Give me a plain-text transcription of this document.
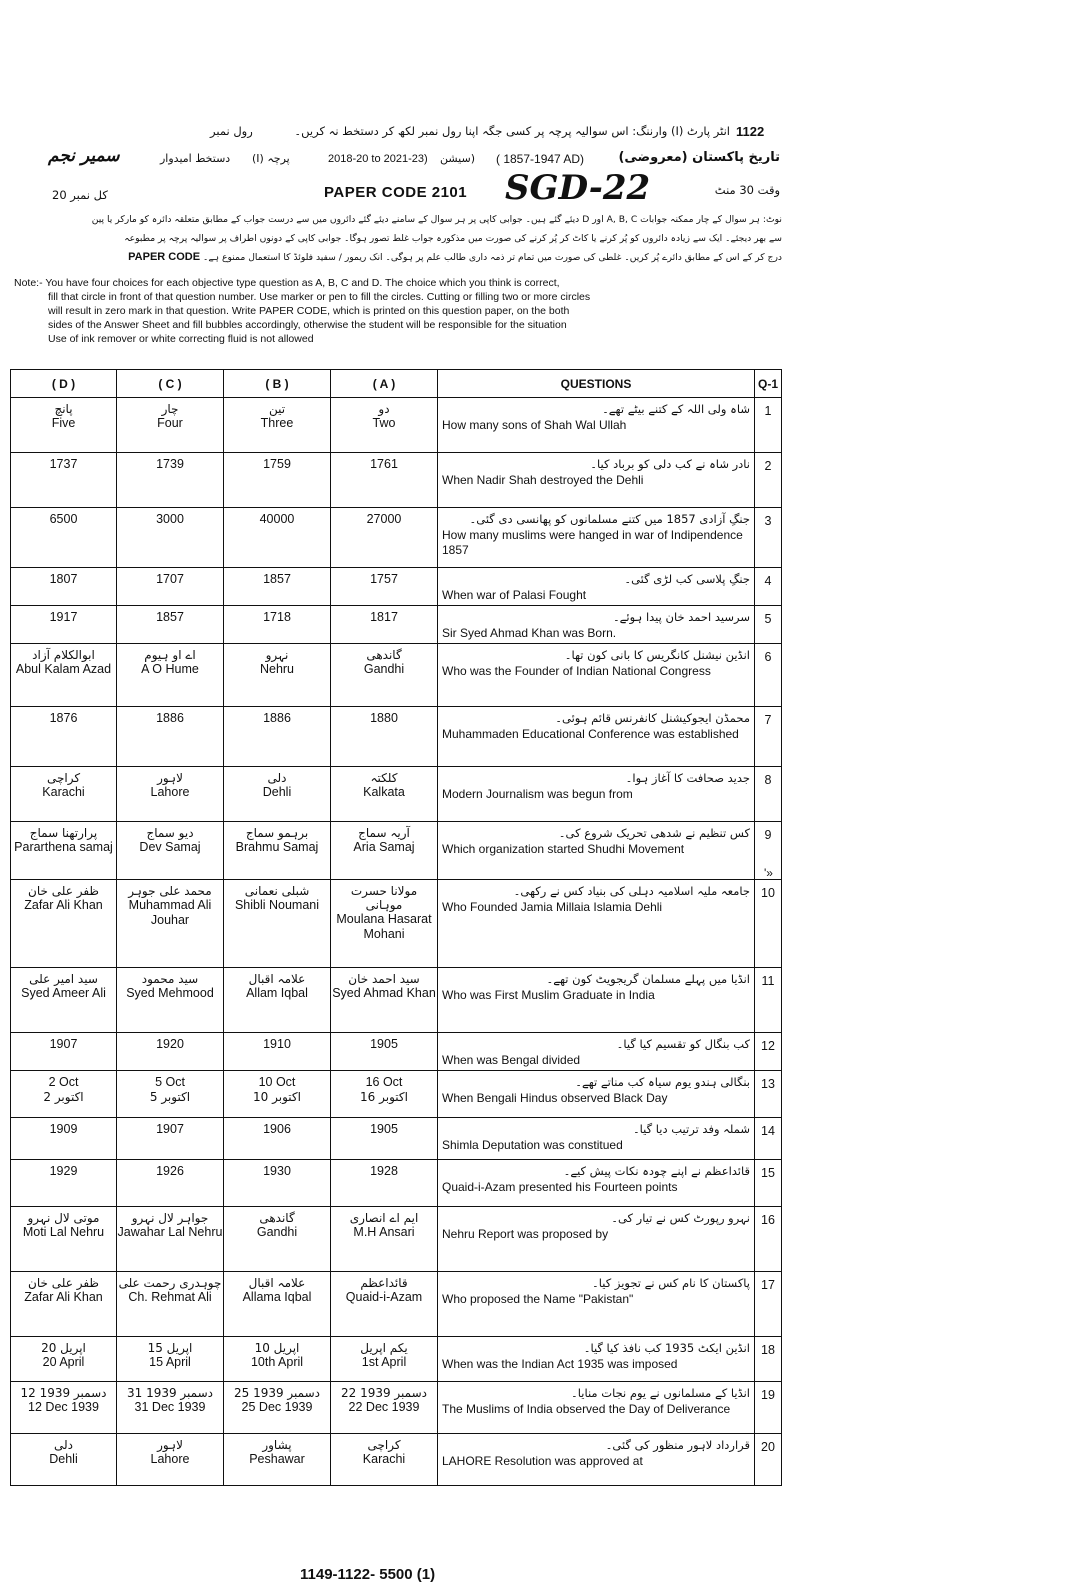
1122
انٹر پارٹ (I) وارننگ: اس سوالیہ پرچہ پر کسی جگہ اپنا رول نمبر لکھ کر دستخط نہ کریں۔
رول نمبر
تاریخ پاکستان (معروضی)
( 1857-1947 AD)
(سیشن
2018-20 to 2021-23)
پرچہ (I)
دستخط امیدوار
سمیر نجم
وقت 30 منٹ
PAPER CODE 2101 SGD-22
کل نمبر 20
نوٹ: ہر سوال کے چار ممکنہ جوابات A, B, C اور D دیئے گئے ہیں۔ جوابی کاپی پر ہر سوال کے سامنے دیئے گئے دائروں میں سے درست جواب کے مطابق متعلقہ دائرہ کو مارکر یا پین
سے بھر دیجئے۔ ایک سے زیادہ دائروں کو پُر کرنے یا کاٹ کر پُر کرنے کی صورت میں مذکورہ جواب غلط تصور ہوگا۔ جوابی کاپی کے دونوں اطراف پر سوالیہ پرچہ پر مطبوعہ
درج کر کے اس کے مطابق دائرے پُر کریں۔ غلطی کی صورت میں تمام تر ذمہ داری طالب علم پر ہوگی۔ انک ریمور / سفید فلوئڈ کا استعمال ممنوع ہے۔ PAPER CODE
Note:- You have four choices for each objective type question as A, B, C and D. The choice which you think is correct,
fill that circle in front of that question number. Use marker or pen to fill the circles. Cutting or filling two or more circles
will result in zero mark in that question. Write PAPER CODE, which is printed on this question paper, on the both
sides of the Answer Sheet and fill bubbles accordingly, otherwise the student will be responsible for the situation
Use of ink remover or white correcting fluid is not allowed
( D )	( C )	( B )	( A )	QUESTIONS	Q-1

پانچ
Five	چار
Four	تین
Three	دو
Two	شاہ ولی اللہ کے کتنے بیٹے تھے۔
How many sons of Shah Wal Ullah	1

1737	1739	1759	1761	نادر شاہ نے کب دلی کو برباد کیا۔
When Nadir Shah destroyed the Dehli	2

6500	3000	40000	27000	جنگِ آزادی 1857 میں کتنے مسلمانوں کو پھانسی دی گئی۔
How many muslims were hanged in war of Indipendence 1857	3

1807	1707	1857	1757	جنگِ پلاسی کب لڑی گئی۔
When war of Palasi Fought	4

1917	1857	1718	1817	سرسید احمد خان پیدا ہوئے۔
Sir Syed Ahmad Khan was Born.	5

ابوالکلام آزاد
Abul Kalam Azad	اے او ہیوم
A O Hume	نہرو
Nehru	گاندھی
Gandhi	انڈین نیشنل کانگریس کا بانی کون تھا۔
Who was the Founder of Indian National Congress	6

1876	1886	1886	1880	محمڈن ایجوکیشنل کانفرنس قائم ہوئی۔
Muhammaden Educational Conference was established	7

کراچی
Karachi	لاہور
Lahore	دلی
Dehli	کلکتہ
Kalkata	جدید صحافت کا آغاز ہوا۔
Modern Journalism was begun from	8

پرارتھنا سماج
Pararthena samaj	دیو سماج
Dev Samaj	برہمو سماج
Brahmu Samaj	آریہ سماج
Aria Samaj	کس تنظیم نے شدھی تحریک شروع کی۔
Which organization started Shudhi Movement	9

ظفر علی خان
Zafar Ali Khan	محمد علی جوہر
Muhammad Ali Jouhar	شبلی نعمانی
Shibli Noumani	مولانا حسرت موہانی
Moulana Hasarat Mohani	جامعہ ملیہ اسلامیہ دہلی کی بنیاد کس نے رکھی۔
Who Founded Jamia Millaia Islamia Dehli	10

سید امیر علی
Syed Ameer Ali	سید محمود
Syed Mehmood	علامہ اقبال
Allam Iqbal	سید احمد خان
Syed Ahmad Khan	انڈیا میں پہلے مسلمان گریجویٹ کون تھے۔
Who was First Muslim Graduate in India	11

1907	1920	1910	1905	کب بنگال کو تقسیم کیا گیا۔
When was Bengal divided	12

2 Oct
2 اکتوبر	5 Oct
5 اکتوبر	10 Oct
10 اکتوبر	16 Oct
16 اکتوبر	بنگالی ہندو یوم سیاہ کب مناتے تھے۔
When Bengali Hindus observed Black Day	13

1909	1907	1906	1905	شملہ وفد ترتیب دیا گیا۔
Shimla Deputation was constitued	14

1929	1926	1930	1928	قائداعظم نے اپنے چودہ نکات پیش کیے۔
Quaid-i-Azam presented his Fourteen points	15

موتی لال نہرو
Moti Lal Nehru	جواہر لال نہرو
Jawahar Lal Nehru	گاندھی
Gandhi	ایم اے انصاری
M.H Ansari	نہرو رپورٹ کس نے تیار کی۔
Nehru Report was proposed by	16

ظفر علی خان
Zafar Ali Khan	چوہدری رحمت علی
Ch. Rehmat Ali	علامہ اقبال
Allama Iqbal	قائداعظم
Quaid-i-Azam	پاکستان کا نام کس نے تجویز کیا۔
Who proposed the Name "Pakistan"	17

20 اپریل
20 April	15 اپریل
15 April	10 اپریل
10th April	یکم اپریل
1st April	انڈین ایکٹ 1935 کب نافذ کیا گیا۔
When was the Indian Act 1935 was imposed	18

12 دسمبر 1939
12 Dec 1939	31 دسمبر 1939
31 Dec 1939	25 دسمبر 1939
25 Dec 1939	22 دسمبر 1939
22 Dec 1939	انڈیا کے مسلمانوں نے یوم نجات منایا۔
The Muslims of India observed the Day of Deliverance	19

دلی
Dehli	لاہور
Lahore	پشاور
Peshawar	کراچی
Karachi	قرارداد لاہور منظور کی گئی۔
LAHORE Resolution was approved at	20
'»
1149-1122- 5500 (1)
